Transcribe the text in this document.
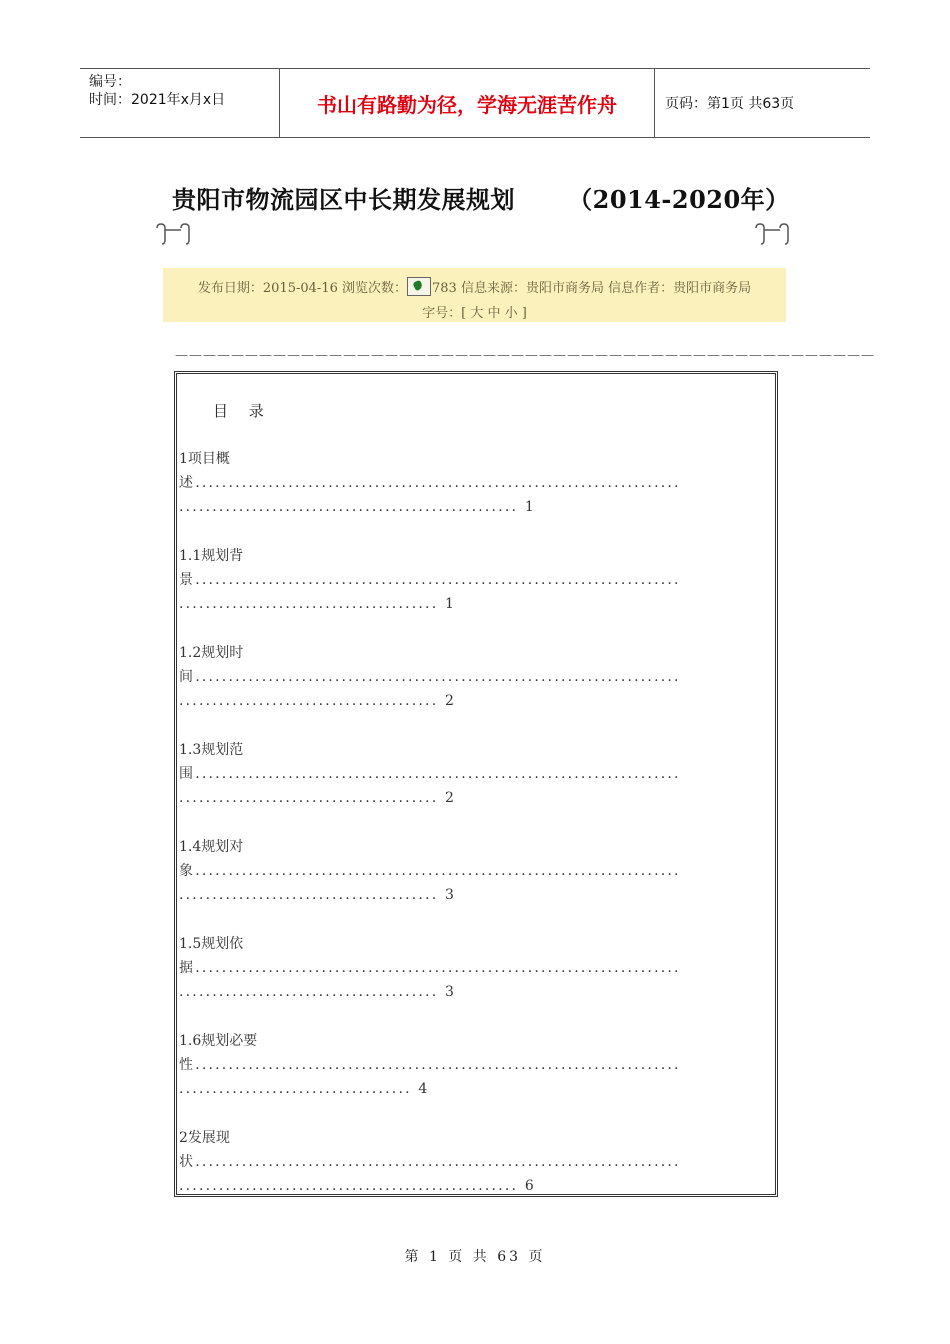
编号：
时间：2021年x月x日	书山有路勤为径，学海无涯苦作舟	页码：第1页 共63页
贵阳市物流园区中长期发展规划      （2014-2020年）
发布日期：2015-04-16 浏览次数： 783 信息来源：贵阳市商务局 信息作者：贵阳市商务局
字号：[ 大 中 小 ]
——————————————————————————————————————————————————
目 录
1项目概
述.........................................................................
................................................... 1
1.1规划背
景.........................................................................
....................................... 1
1.2规划时
间.........................................................................
....................................... 2
1.3规划范
围.........................................................................
....................................... 2
1.4规划对
象.........................................................................
....................................... 3
1.5规划依
据.........................................................................
....................................... 3
1.6规划必要
性.........................................................................
................................... 4
2发展现
状.........................................................................
................................................... 6
第 1 页 共 63 页
